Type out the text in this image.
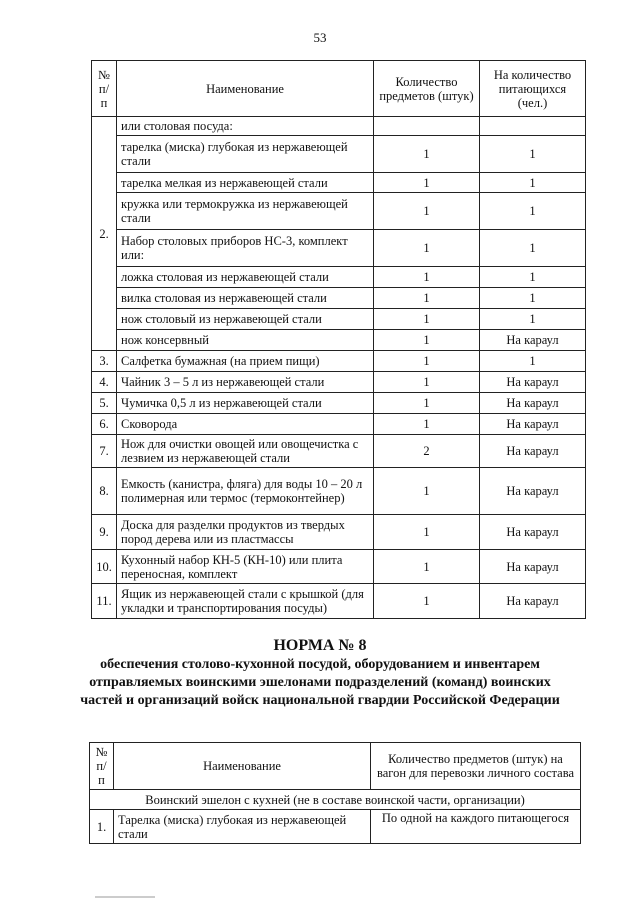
53
№ п/п	Наименование	Количество предметов (штук)	На количество питающихся (чел.)
2.	или столовая посуда:		
	тарелка (миска) глубокая из нержавеющей стали	1	1
	тарелка мелкая из нержавеющей стали	1	1
	кружка или термокружка из нержавеющей стали	1	1
	Набор столовых приборов НС-3, комплект или:	1	1
	ложка столовая из нержавеющей стали	1	1
	вилка столовая из нержавеющей стали	1	1
	нож столовый из нержавеющей стали	1	1
	нож консервный	1	На караул
3.	Салфетка бумажная (на прием пищи)	1	1
4.	Чайник 3 – 5 л из нержавеющей стали	1	На караул
5.	Чумичка 0,5 л из нержавеющей стали	1	На караул
6.	Сковорода	1	На караул
7.	Нож для очистки овощей или овощечистка с лезвием из нержавеющей стали	2	На караул
8.	Емкость (канистра, фляга) для воды 10 – 20 л полимерная или термос (термоконтейнер)	1	На караул
9.	Доска для разделки продуктов из твердых пород дерева или из пластмассы	1	На караул
10.	Кухонный набор КН-5 (КН-10) или плита переносная, комплект	1	На караул
11.	Ящик из нержавеющей стали с крышкой (для укладки и транспортирования посуды)	1	На караул
НОРМА № 8
обеспечения столово-кухонной посудой, оборудованием и инвентарем отправляемых воинскими эшелонами подразделений (команд) воинских частей и организаций войск национальной гвардии Российской Федерации
№ п/п	Наименование	Количество предметов (штук) на вагон для перевозки личного состава
Воинский эшелон с кухней (не в составе воинской части, организации)		
1.	Тарелка (миска) глубокая из нержавеющей стали	По одной на каждого питающегося
